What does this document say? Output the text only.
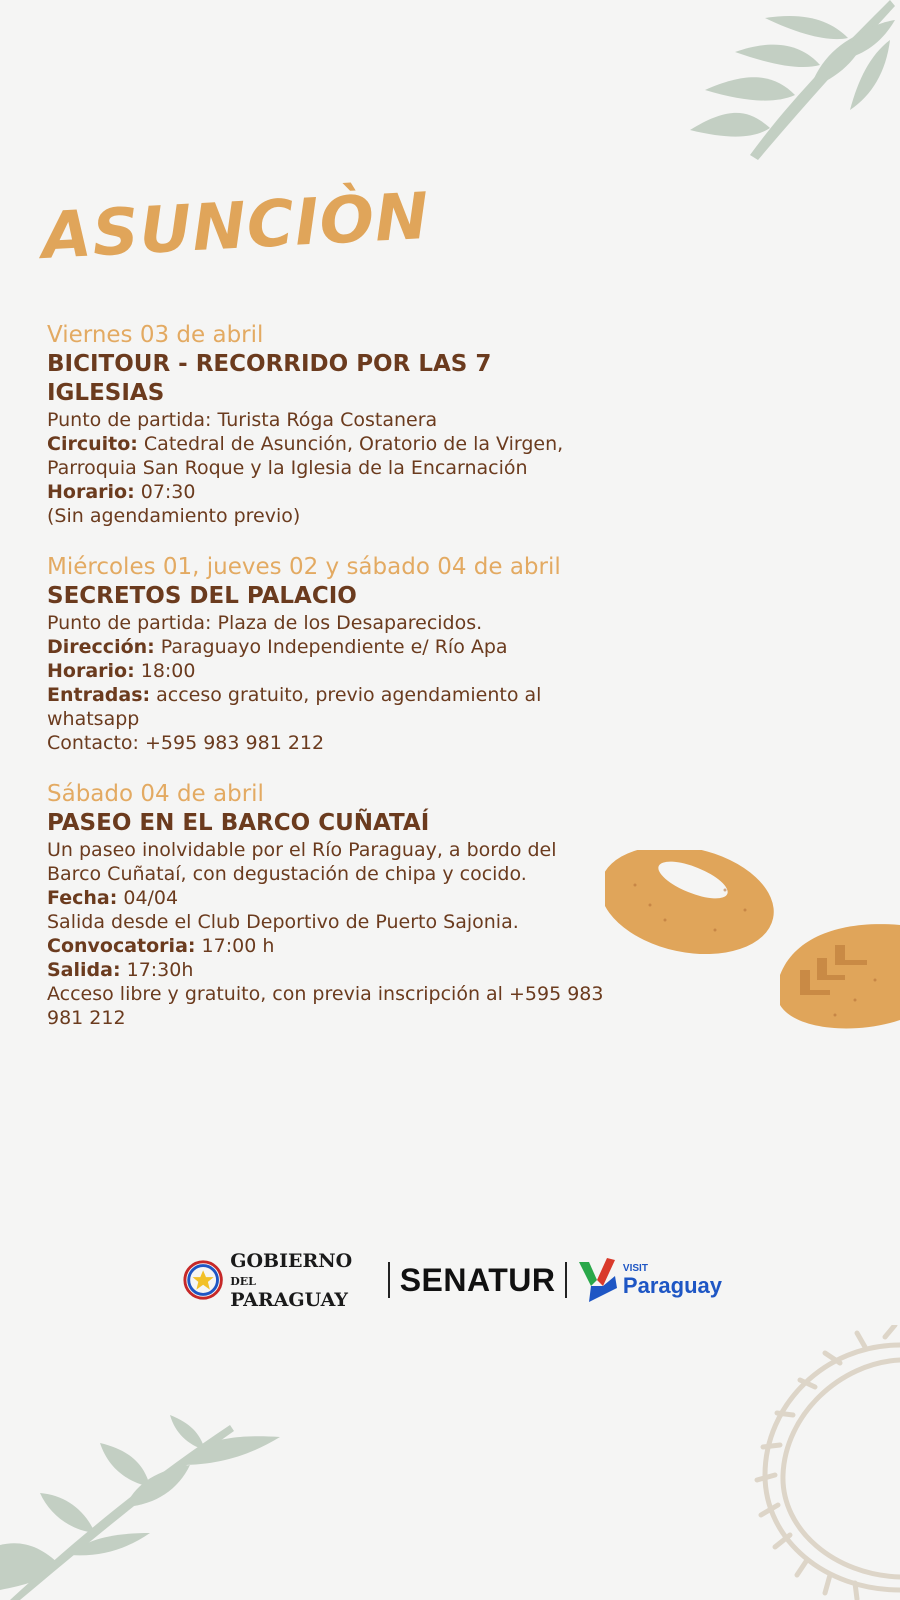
ASUNCIÒN
Viernes 03 de abril
BICITOUR - RECORRIDO POR LAS 7 IGLESIAS
Punto de partida: Turista Róga Costanera
Circuito: Catedral de Asunción, Oratorio de la Virgen, Parroquia San Roque y la Iglesia de la Encarnación
Horario: 07:30
(Sin agendamiento previo)
Miércoles 01, jueves 02 y sábado 04 de abril
SECRETOS DEL PALACIO
Punto de partida: Plaza de los Desaparecidos.
Dirección: Paraguayo Independiente e/ Río Apa
Horario: 18:00
Entradas: acceso gratuito, previo agendamiento al whatsapp
Contacto: +595 983 981 212
Sábado 04 de abril
PASEO EN EL BARCO CUÑATAÍ
Un paseo inolvidable por el Río Paraguay, a bordo del Barco Cuñataí, con degustación de chipa y cocido.
Fecha: 04/04
Salida desde el Club Deportivo de Puerto Sajonia.
Convocatoria: 17:00 h
Salida: 17:30h
Acceso libre y gratuito, con previa inscripción al +595 983 981 212
GOBIERNO DEL
PARAGUAY
SENATUR	VISIT
Paraguay
